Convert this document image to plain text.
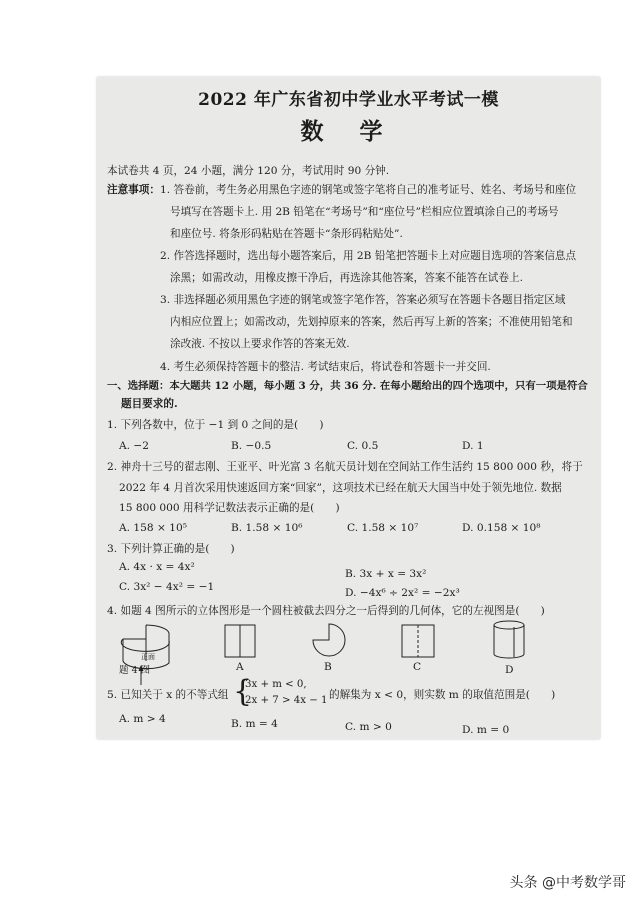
2022 年广东省初中学业水平考试一模
数 学
本试卷共 4 页，24 小题，满分 120 分，考试用时 90 分钟.
注意事项： 1. 答卷前，考生务必用黑色字迹的钢笔或签字笔将自己的准考证号、姓名、考场号和座位
号填写在答题卡上. 用 2B 铅笔在“考场号”和“座位号”栏相应位置填涂自己的考场号
和座位号. 将条形码粘贴在答题卡“条形码粘贴处”.
2. 作答选择题时，选出每小题答案后，用 2B 铅笔把答题卡上对应题目选项的答案信息点
涂黑；如需改动，用橡皮擦干净后，再选涂其他答案，答案不能答在试卷上.
3. 非选择题必须用黑色字迹的钢笔或签字笔作答，答案必须写在答题卡各题目指定区域
内相应位置上；如需改动，先划掉原来的答案，然后再写上新的答案；不准使用铅笔和
涂改液. 不按以上要求作答的答案无效.
4. 考生必须保持答题卡的整洁. 考试结束后，将试卷和答题卡一并交回.
一、选择题：本大题共 12 小题，每小题 3 分，共 36 分. 在每小题给出的四个选项中，只有一项是符合
题目要求的.
1. 下列各数中，位于 −1 到 0 之间的是(　　)
A. −2	B. −0.5	C. 0.5	D. 1
2. 神舟十三号的翟志刚、王亚平、叶光富 3 名航天员计划在空间站工作生活约 15 800 000 秒，将于
2022 年 4 月首次采用快速返回方案“回家”，这项技术已经在航天大国当中处于领先地位. 数据
15 800 000 用科学记数法表示正确的是(　　)
A. 158 × 10⁵	B. 1.58 × 10⁶	C. 1.58 × 10⁷	D. 0.158 × 10⁸
3. 下列计算正确的是(　　)
A. 4x · x = 4x²
B. 3x + x = 3x²
C. 3x² − 4x² = −1	D. −4x⁶ ÷ 2x² = −2x³
4. 如题 4 图所示的立体图形是一个圆柱被截去四分之一后得到的几何体，它的左视图是(　　)
正面
题 4 图	A	B	C	D
5. 已知关于 x 的不等式组 {
3x + m < 0,
2x + 7 > 4x − 1 的解集为 x < 0，则实数 m 的取值范围是(　　)
A. m > 4	B. m = 4	C. m > 0	D. m = 0
头条 @中考数学哥
